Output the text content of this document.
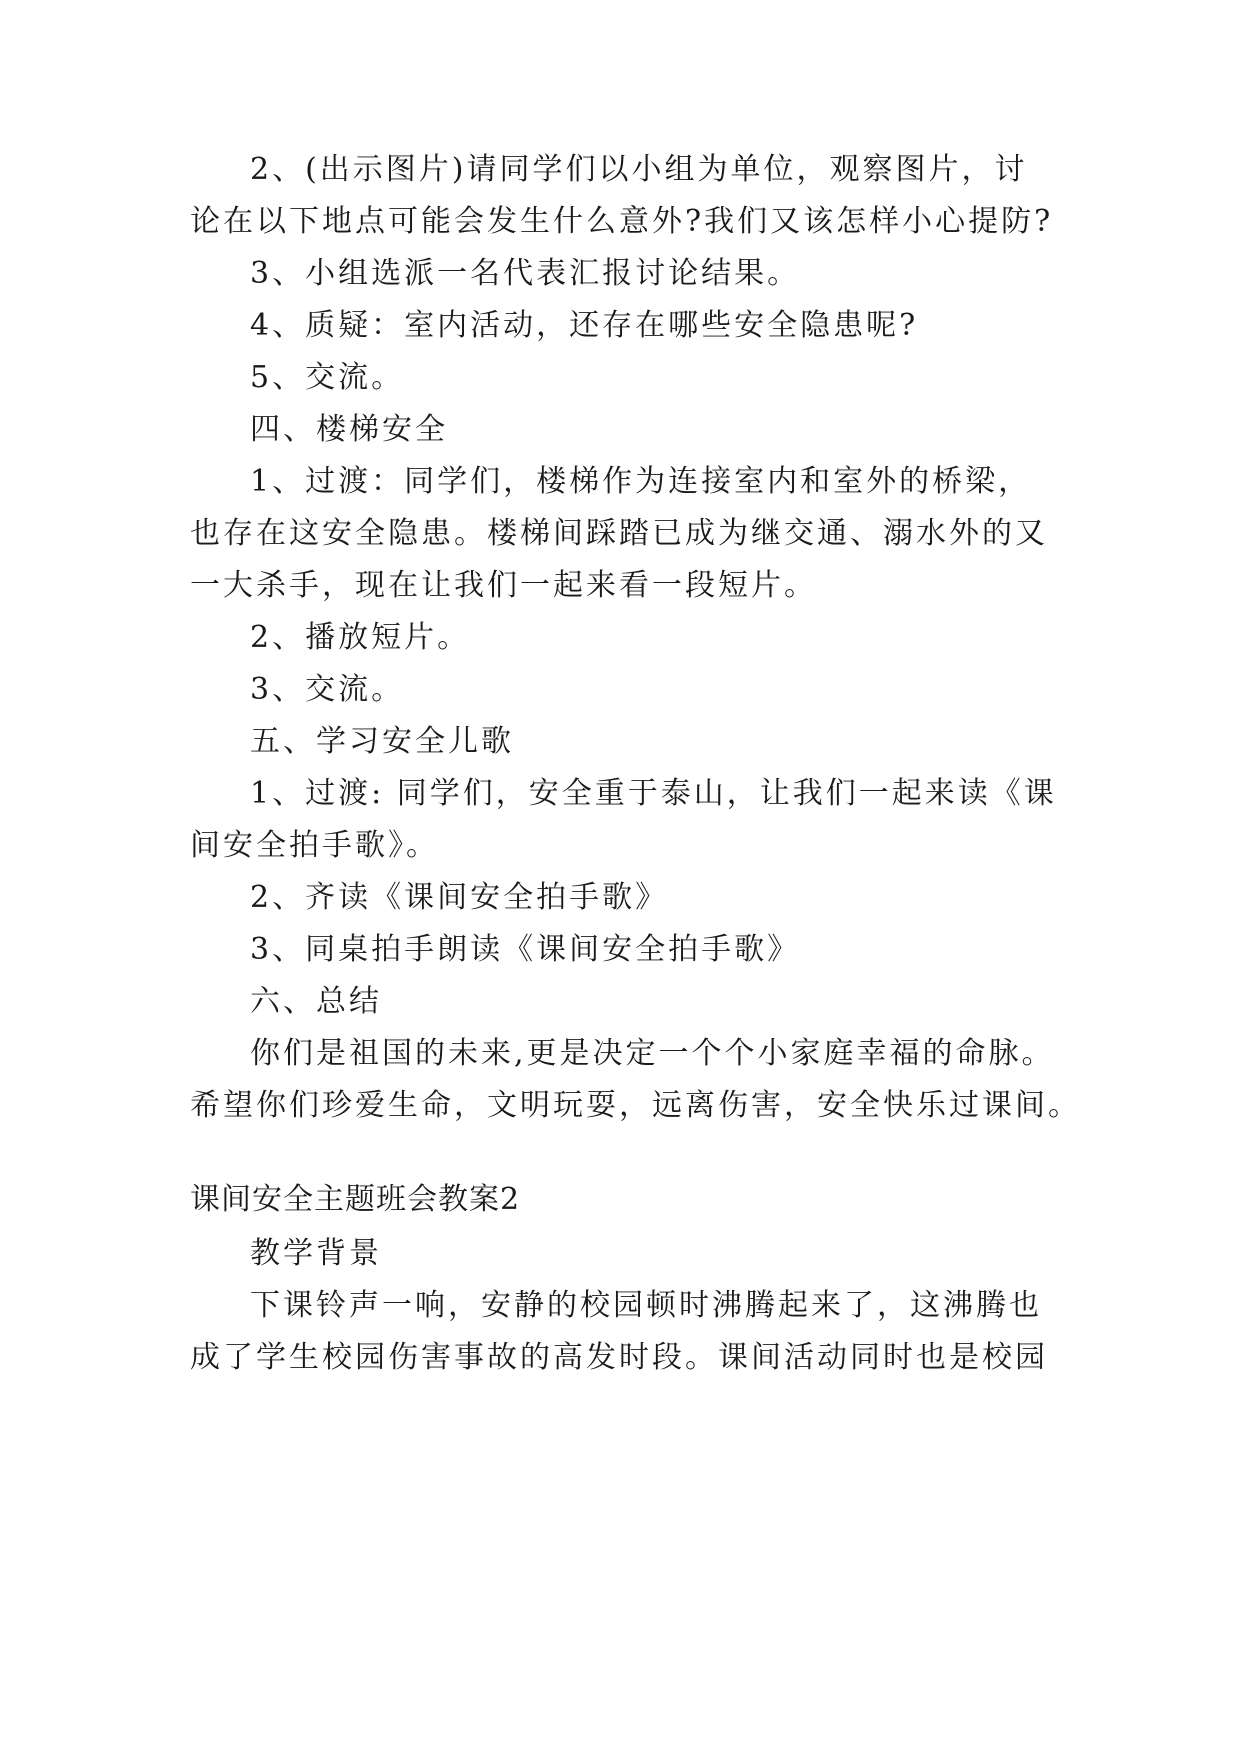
2、(出示图片)请同学们以小组为单位，观察图片，讨
论在以下地点可能会发生什么意外?我们又该怎样小心提防?
3、小组选派一名代表汇报讨论结果。
4、质疑：室内活动，还存在哪些安全隐患呢?
5、交流。
四、楼梯安全
1、过渡：同学们，楼梯作为连接室内和室外的桥梁，
也存在这安全隐患。楼梯间踩踏已成为继交通、溺水外的又
一大杀手，现在让我们一起来看一段短片。
2、播放短片。
3、交流。
五、学习安全儿歌
1、过渡: 同学们，安全重于泰山，让我们一起来读《课
间安全拍手歌》。
2、齐读《课间安全拍手歌》
3、同桌拍手朗读《课间安全拍手歌》
六、总结
你们是祖国的未来,更是决定一个个小家庭幸福的命脉。
希望你们珍爱生命，文明玩耍，远离伤害，安全快乐过课间。
课间安全主题班会教案2
教学背景
下课铃声一响，安静的校园顿时沸腾起来了，这沸腾也
成了学生校园伤害事故的高发时段。课间活动同时也是校园
